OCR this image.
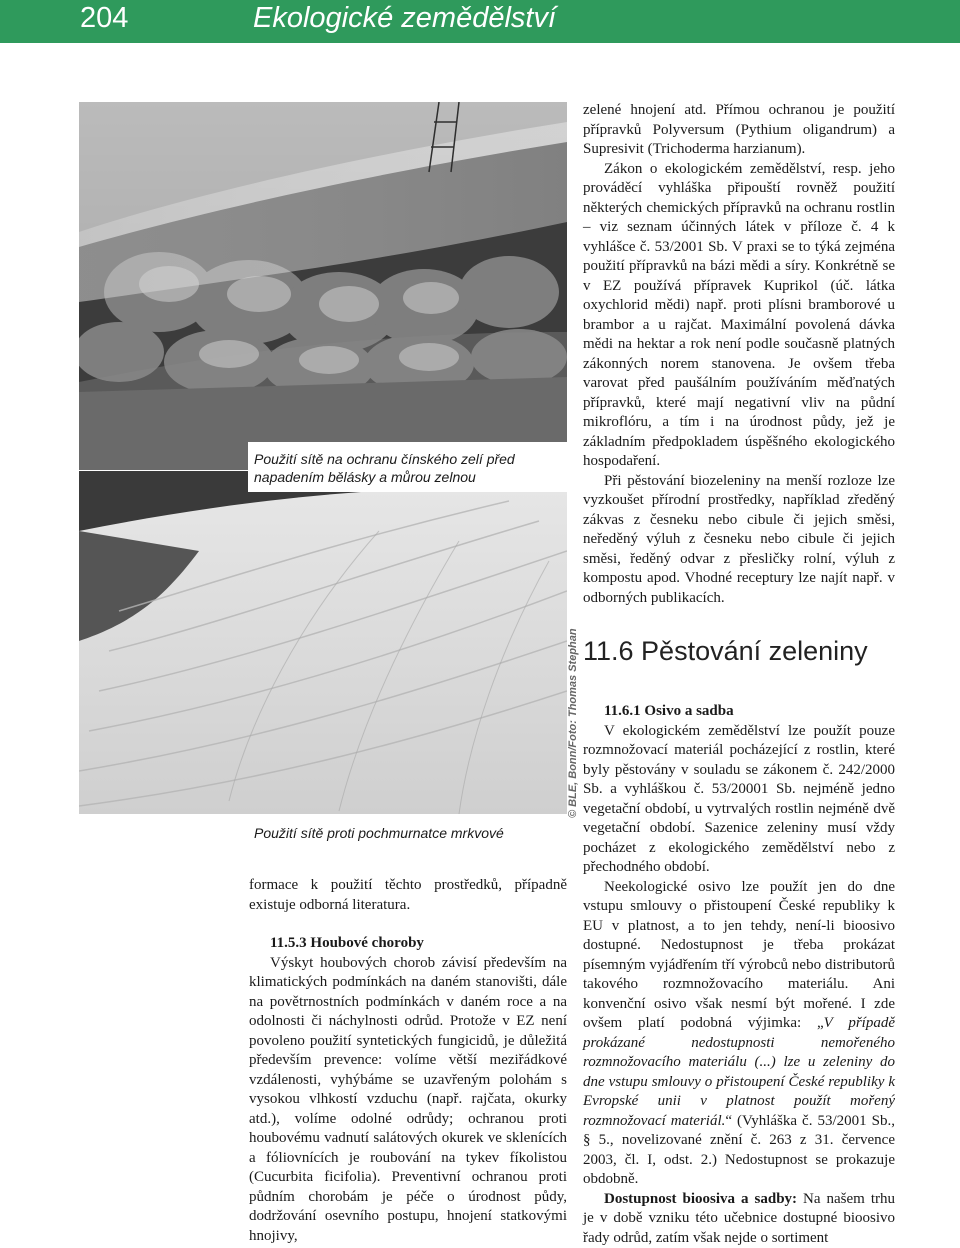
204	Ekologické zemědělství
Použití sítě na ochranu čínského zelí před napadením bělásky a můrou zelnou
Použití sítě proti pochmurnatce mrkvové
© BLE, Bonn/Foto: Thomas Stephan

zelené hnojení atd. Přímou ochranou je použití přípravků Polyversum (Pythium oligandrum) a Supresivit (Trichoderma harzianum).

Zákon o ekologickém zemědělství, resp. jeho prováděcí vyhláška připouští rovněž použití některých chemických přípravků na ochranu rostlin – viz seznam účinných látek v příloze č. 4 k vyhlášce č. 53/2001 Sb. V praxi se to týká zejména použití přípravků na bázi mědi a síry. Konkrétně se v EZ používá přípravek Kuprikol (úč. látka oxychlorid mědi) např. proti plísni bramborové u brambor a u rajčat. Maximální povolená dávka mědi na hektar a rok není podle současně platných zákonných norem stanovena. Je ovšem třeba varovat před paušálním používáním měďnatých přípravků, které mají negativní vliv na půdní mikroflóru, a tím i na úrodnost půdy, jež je základním předpokladem úspěšného ekologického hospodaření.

Při pěstování biozeleniny na menší rozloze lze vyzkoušet přírodní prostředky, například zředěný zákvas z česneku nebo cibule či jejich směsi, neředěný výluh z česneku nebo cibule či jejich směsi, ředěný odvar z přesličky rolní, výluh z kompostu apod. Vhodné receptury lze najít např. v odborných publikacích.

11.6 Pěstování zeleniny

formace k použití těchto prostředků, případně existuje odborná literatura.

11.5.3 Houbové choroby

Výskyt houbových chorob závisí především na klimatických podmínkách na daném stanovišti, dále na povětrnostních podmínkách v daném roce a na odolnosti či náchylnosti odrůd. Protože v EZ není povoleno použití syntetických fungicidů, je důležitá především prevence: volíme větší meziřádkové vzdálenosti, vyhýbáme se uzavřeným polohám s vysokou vlhkostí vzduchu (např. rajčata, okurky atd.), volíme odolné odrůdy; ochranou proti houbovému vadnutí salátových okurek ve sklenících a fóliovnících je roubování na tykev fíkolistou (Cucurbita ficifolia). Preventivní ochranou proti půdním chorobám je péče o úrodnost půdy, dodržování osevního postupu, hnojení statkovými hnojivy,

11.6.1 Osivo a sadba

V ekologickém zemědělství lze použít pouze rozmnožovací materiál pocházející z rostlin, které byly pěstovány v souladu se zákonem č. 242/2000 Sb. a vyhláškou č. 53/20001 Sb. nejméně jedno vegetační období, u vytrvalých rostlin nejméně dvě vegetační období. Sazenice zeleniny musí vždy pocházet z ekologického zemědělství nebo z přechodného období.

Neekologické osivo lze použít jen do dne vstupu smlouvy o přistoupení České republiky k EU v platnost, a to jen tehdy, není-li bioosivo dostupné. Nedostupnost je třeba prokázat písemným vyjádřením tří výrobců nebo distributorů takového rozmnožovacího materiálu. Ani konvenční osivo však nesmí být mořené. I zde ovšem platí podobná výjimka: „V případě prokázané nedostupnosti nemořeného rozmnožovacího materiálu (...) lze u zeleniny do dne vstupu smlouvy o přistoupení České republiky k Evropské unii v platnost použít mořený rozmnožovací materiál.“ (Vyhláška č. 53/2001 Sb., § 5., novelizované znění č. 263 z 31. července 2003, čl. I, odst. 2.) Nedostupnost se prokazuje obdobně.

Dostupnost bioosiva a sadby: Na našem trhu je v době vzniku této učebnice dostupné bioosivo řady odrůd, zatím však nejde o sortiment
